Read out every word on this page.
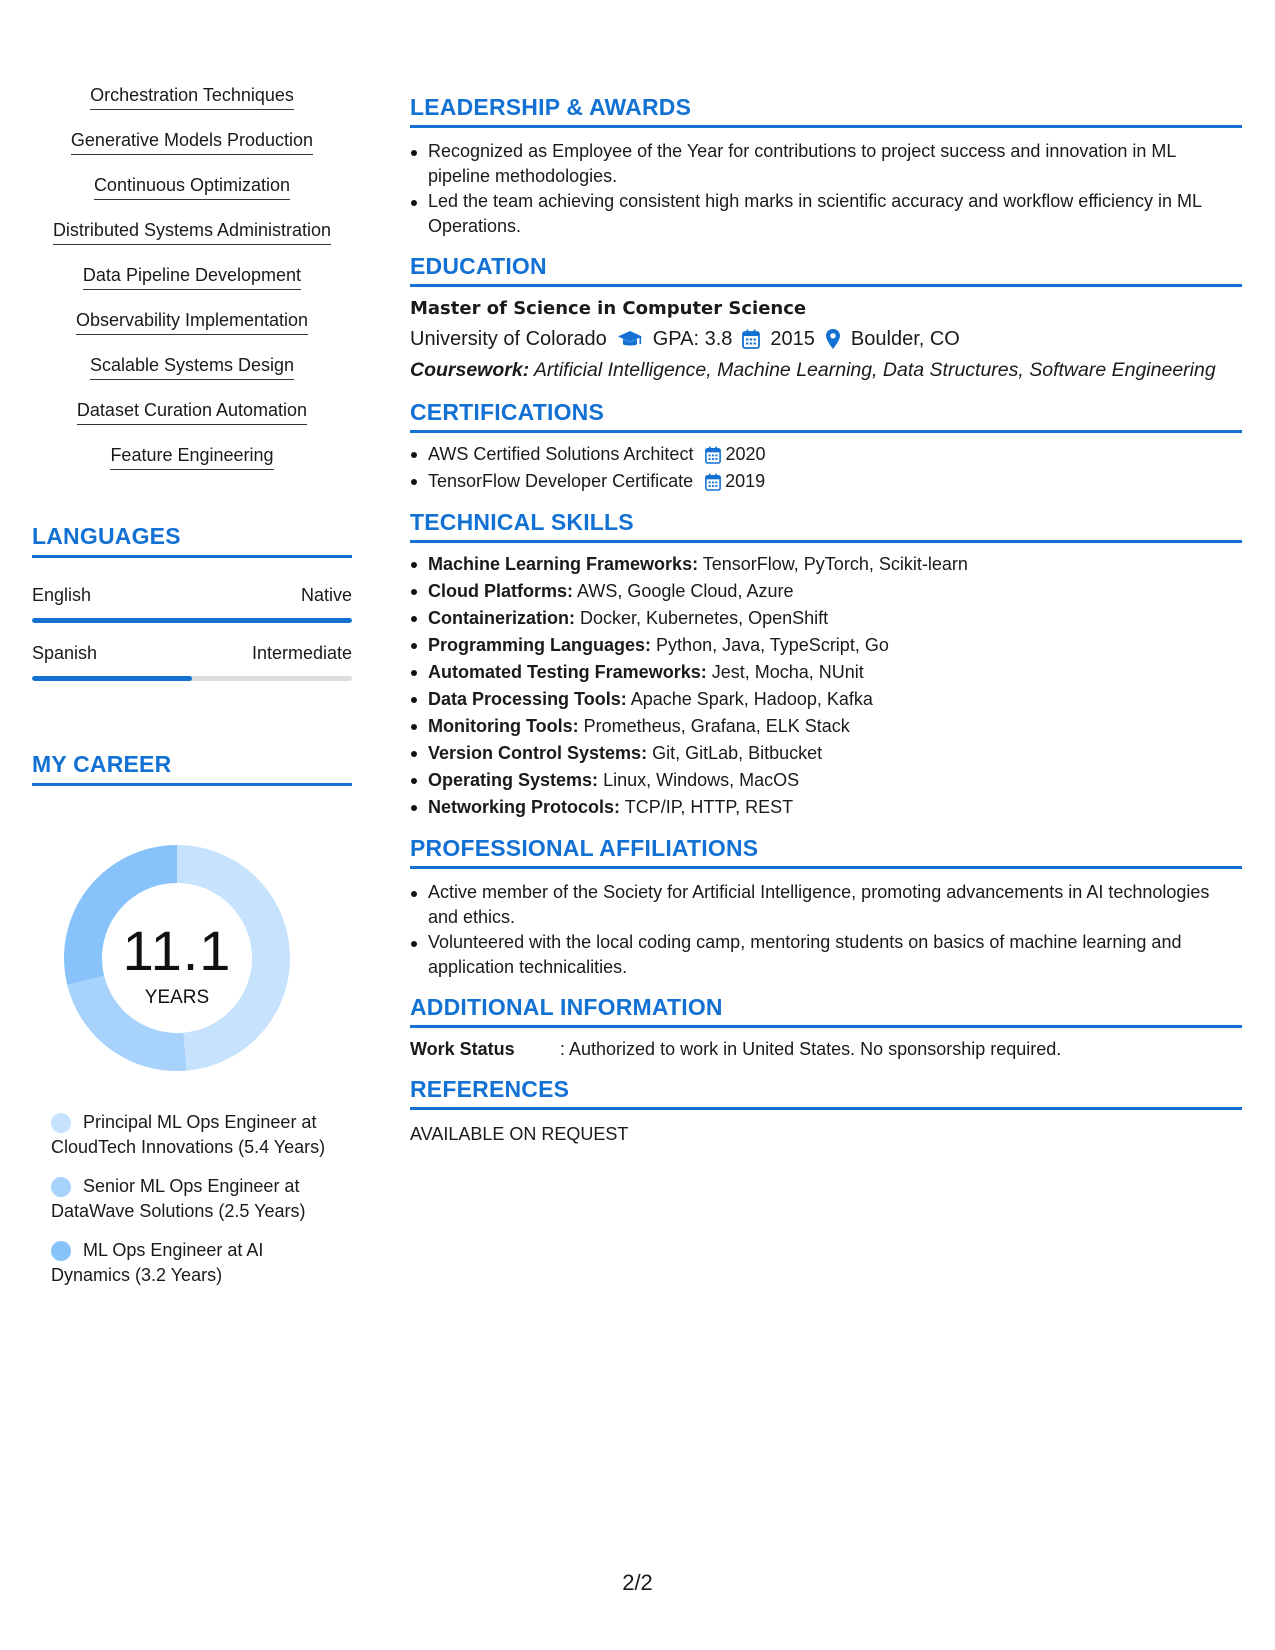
Orchestration Techniques
Generative Models Production
Continuous Optimization
Distributed Systems Administration
Data Pipeline Development
Observability Implementation
Scalable Systems Design
Dataset Curation Automation
Feature Engineering
LANGUAGES
English	Native
Spanish	Intermediate
MY CAREER
11.1
YEARS
Principal ML Ops Engineer at CloudTech Innovations (5.4 Years)
Senior ML Ops Engineer at DataWave Solutions (2.5 Years)
ML Ops Engineer at AI Dynamics (3.2 Years)
LEADERSHIP & AWARDS
Recognized as Employee of the Year for contributions to project success and innovation in ML pipeline methodologies.
Led the team achieving consistent high marks in scientific accuracy and workflow efficiency in ML Operations.
EDUCATION
Master of Science in Computer Science
University of Colorado GPA: 3.8 2015 Boulder, CO
Coursework: Artificial Intelligence, Machine Learning, Data Structures, Software Engineering
CERTIFICATIONS
AWS Certified Solutions Architect 2020
TensorFlow Developer Certificate 2019
TECHNICAL SKILLS
Machine Learning Frameworks: TensorFlow, PyTorch, Scikit-learn
Cloud Platforms: AWS, Google Cloud, Azure
Containerization: Docker, Kubernetes, OpenShift
Programming Languages: Python, Java, TypeScript, Go
Automated Testing Frameworks: Jest, Mocha, NUnit
Data Processing Tools: Apache Spark, Hadoop, Kafka
Monitoring Tools: Prometheus, Grafana, ELK Stack
Version Control Systems: Git, GitLab, Bitbucket
Operating Systems: Linux, Windows, MacOS
Networking Protocols: TCP/IP, HTTP, REST
PROFESSIONAL AFFILIATIONS
Active member of the Society for Artificial Intelligence, promoting advancements in AI technologies and ethics.
Volunteered with the local coding camp, mentoring students on basics of machine learning and application technicalities.
ADDITIONAL INFORMATION
Work Status	: Authorized to work in United States. No sponsorship required.
REFERENCES
AVAILABLE ON REQUEST
2/2
